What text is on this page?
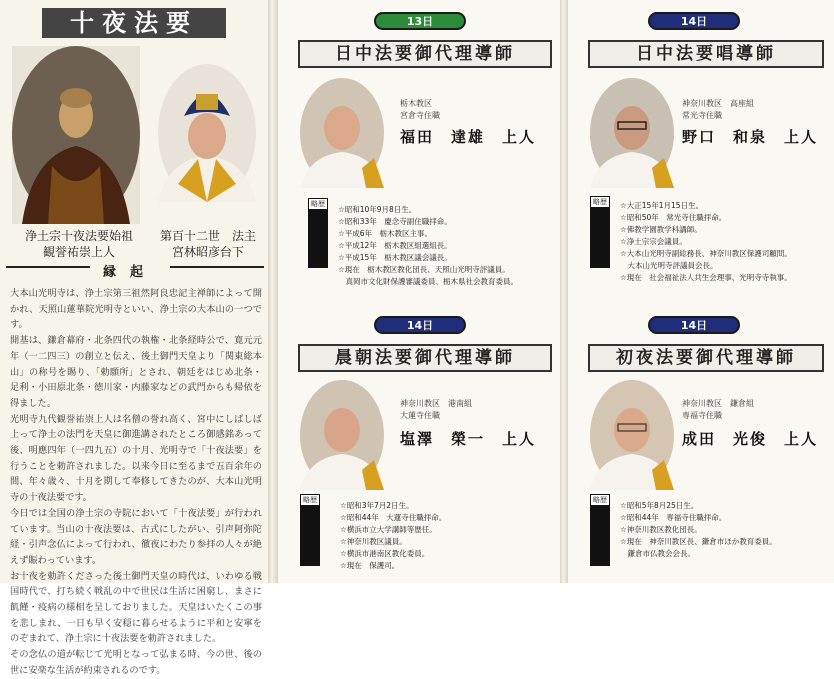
十夜法要
浄土宗十夜法要始祖
観誉祐崇上人
第百十二世　法主
宮林昭彦台下
縁起

大本山光明寺は、浄土宗第三祖然阿良忠記主禅師によって開かれ、天照山蓮華院光明寺といい、浄土宗の大本山の一つです。

開基は、鎌倉幕府・北条四代の執権・北条経時公で、寛元元年（一二四三）の創立と伝え、後土御門天皇より「関東総本山」の称号を賜り、「勅願所」とされ、朝廷をはじめ北条・足利・小田原北条・徳川家・内藤家などの武門からも帰依を得ました。

光明寺九代観誉祐崇上人は名僧の誉れ高く、宮中にしばしば上って浄土の法門を天皇に御進講されたところ御感銘あって後、明應四年（一四九五）の十月、光明寺で「十夜法要」を行うことを勅許されました。以来今日に至るまで五百余年の間、年々歳々、十月を期して奉修してきたのが、大本山光明寺の十夜法要です。

今日では全国の浄土宗の寺院において「十夜法要」が行われています。当山の十夜法要は、古式にしたがい、引声阿弥陀経・引声念仏によって行われ、徹夜にわたり参拝の人々が絶えず賑わっています。

お十夜を勅許くださった後土御門天皇の時代は、いわゆる戦国時代で、打ち続く戦乱の中で世民は生活に困窮し、まさに飢饉・疫病の様相を呈しておりました。天皇はいたくこの事を悲しまれ、一日も早く安穏に暮らせるように平和と安寧をのぞまれて、浄土宗に十夜法要を勅許されました。

その念仏の道が転じて光明となって弘まる時、今の世、後の世に安楽な生活が約束されるのです。

13日
日中法要御代理導師
栃木教区
宮倉寺住職
福田　達雄　上人
略歴
☆昭和10年9月8日生。
☆昭和33年　慶念寺副住職拝命。
☆平成6年　栃木教区主事。
☆平成12年　栃木教区組選組長。
☆平成15年　栃木教区議会議長。
☆現在　栃木教区教化団長、天照山光明寺評議員。
　真岡市文化財保護審議委員、栃木県社会教育委員。
14日
晨朝法要御代理導師
神奈川教区　港南組
大蓮寺住職
塩澤　榮一　上人
略歴
☆昭和3年7月2日生。
☆昭和44年　大蓮寺住職拝命。
☆横浜市立大学講師等歴任。
☆神奈川教区議員。
☆横浜市港南区教化委員。
☆現在　保護司。
14日
日中法要唱導師
神奈川教区　高座組
常光寺住職
野口　和泉　上人
略歴	☆大正15年1月15日生。
☆昭和50年　常光寺住職拝命。
☆佛教学園教学科講師。
☆浄土宗宗会議員。
☆大本山光明寺副総務長、神奈川教区保護司顧問。
　大本山光明寺評議員会長。
☆現在　社会福祉法人共生会理事、光明寺寺執事。
14日
初夜法要御代理導師
神奈川教区　鎌倉組
専福寺住職
成田　光俊　上人
略歴
☆昭和5年8月25日生。
☆昭和44年　専福寺住職拝命。
☆神奈川教区教化団長。
☆現在　神奈川教区長、鎌倉市ほか教育委員。
　鎌倉市仏教会会長。
